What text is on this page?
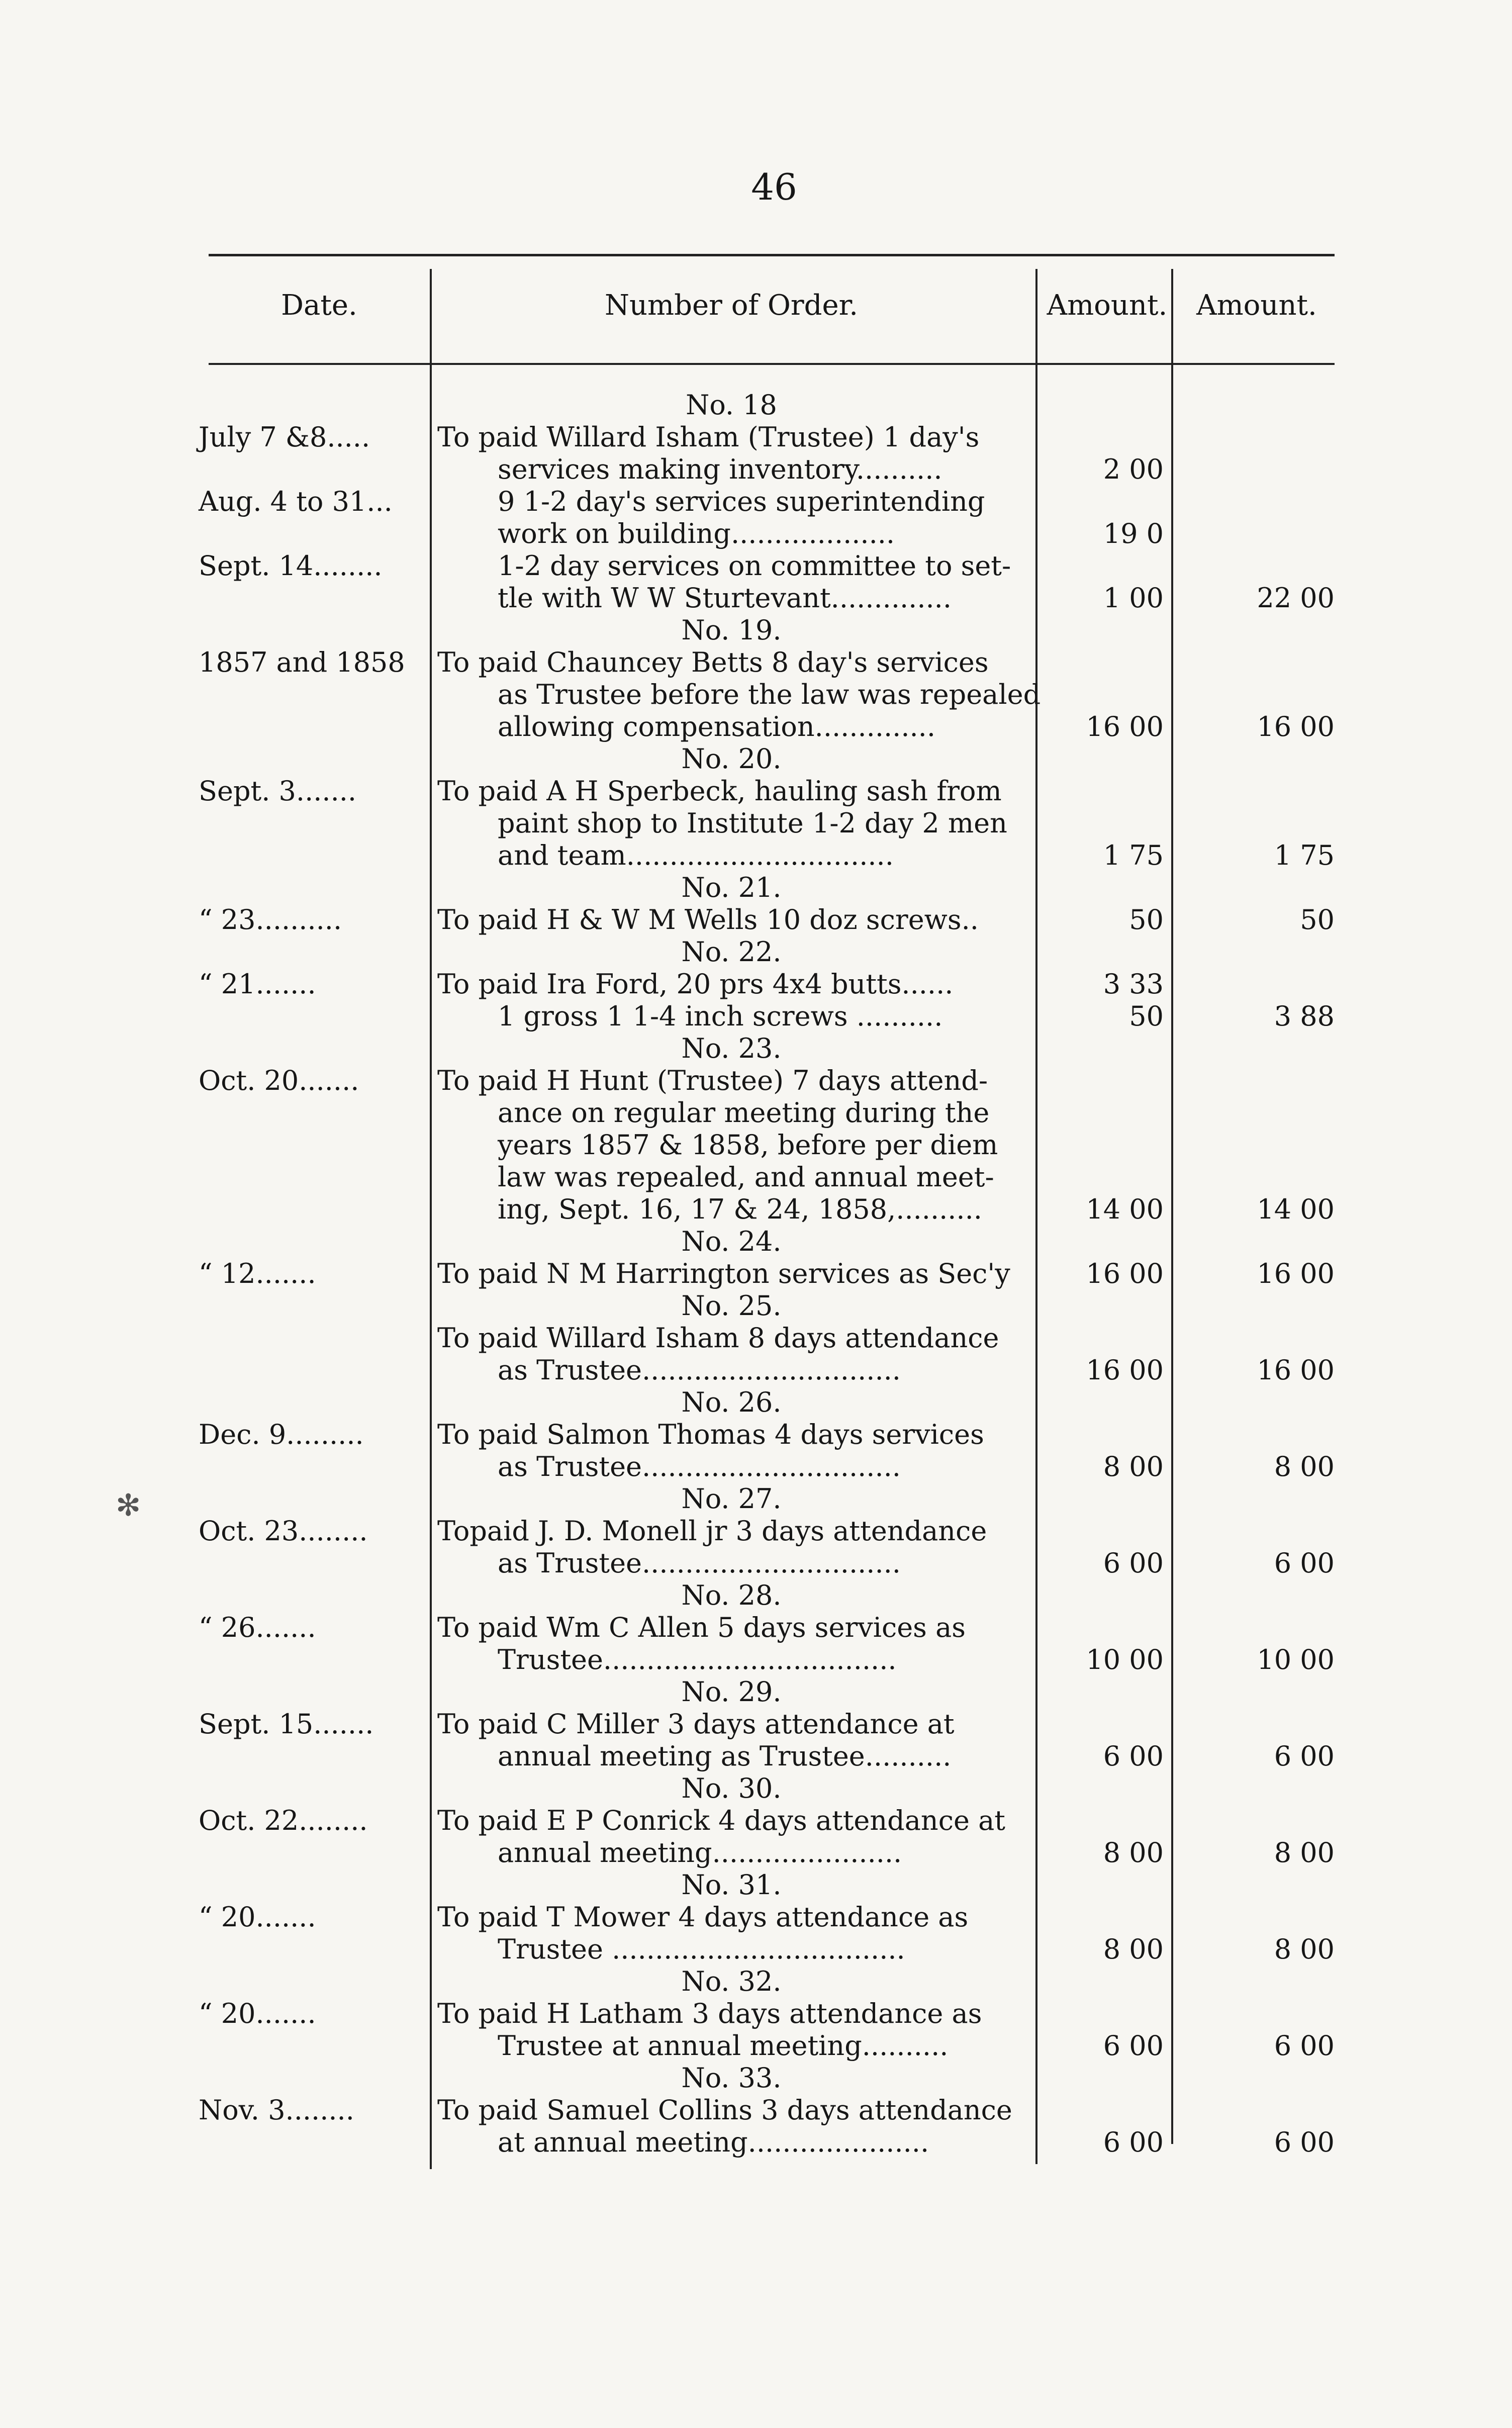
46
Date.	Number of Order.	Amount.	Amount.
✻
No. 18
July 7 &8.....	To paid Willard Isham (Trustee) 1 day's
services making inventory..........	2 00
Aug. 4 to 31...	9 1-2 day's services superintending
work on building...................	19 0
Sept. 14........	1-2 day services on committee to set-
tle with W W Sturtevant..............	1 00	22 00
No. 19.
1857 and 1858	To paid Chauncey Betts 8 day's services
as Trustee before the law was repealed
allowing compensation..............	16 00	16 00
No. 20.
Sept. 3.......	To paid A H Sperbeck, hauling sash from
paint shop to Institute 1-2 day 2 men
and team...............................	1 75	1 75
No. 21.
“ 23..........	To paid H & W M Wells 10 doz screws..	50	50
No. 22.
“ 21.......	To paid Ira Ford, 20 prs 4x4 butts......	3 33
1 gross 1 1-4 inch screws ..........	50	3 88
No. 23.
Oct. 20.......	To paid H Hunt (Trustee) 7 days attend-
ance on regular meeting during the
years 1857 & 1858, before per diem
law was repealed, and annual meet-
ing, Sept. 16, 17 & 24, 1858,..........	14 00	14 00
No. 24.
“ 12.......	To paid N M Harrington services as Sec'y	16 00	16 00
No. 25.
To paid Willard Isham 8 days attendance
as Trustee..............................	16 00	16 00
No. 26.
Dec. 9.........	To paid Salmon Thomas 4 days services
as Trustee..............................	8 00	8 00
No. 27.
Oct. 23........	Topaid J. D. Monell jr 3 days attendance
as Trustee..............................	6 00	6 00
No. 28.
“ 26.......	To paid Wm C Allen 5 days services as
Trustee..................................	10 00	10 00
No. 29.
Sept. 15.......	To paid C Miller 3 days attendance at
annual meeting as Trustee..........	6 00	6 00
No. 30.
Oct. 22........	To paid E P Conrick 4 days attendance at
annual meeting......................	8 00	8 00
No. 31.
“ 20.......	To paid T Mower 4 days attendance as
Trustee ..................................	8 00	8 00
No. 32.
“ 20.......	To paid H Latham 3 days attendance as
Trustee at annual meeting..........	6 00	6 00
No. 33.
Nov. 3........	To paid Samuel Collins 3 days attendance
at annual meeting.....................	6 00	6 00
